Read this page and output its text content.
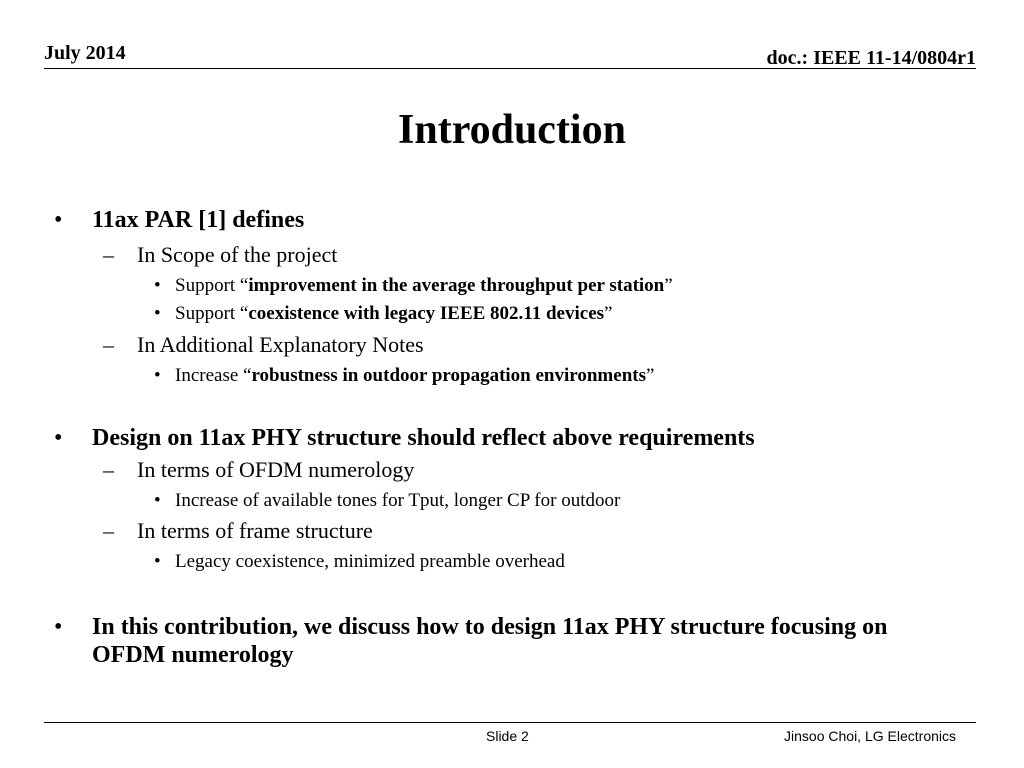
July 2014	doc.: IEEE 11-14/0804r1
Introduction
• 11ax PAR [1] defines
– In Scope of the project
• Support “improvement in the average throughput per station”
• Support “coexistence with legacy IEEE 802.11 devices”
– In Additional Explanatory Notes
• Increase “robustness in outdoor propagation environments”
• Design on 11ax PHY structure should reflect above requirements
– In terms of OFDM numerology
• Increase of available tones for Tput, longer CP for outdoor
– In terms of frame structure
• Legacy coexistence, minimized preamble overhead
• In this contribution, we discuss how to design 11ax PHY structure focusing on OFDM numerology
Slide 2	Jinsoo Choi, LG Electronics
